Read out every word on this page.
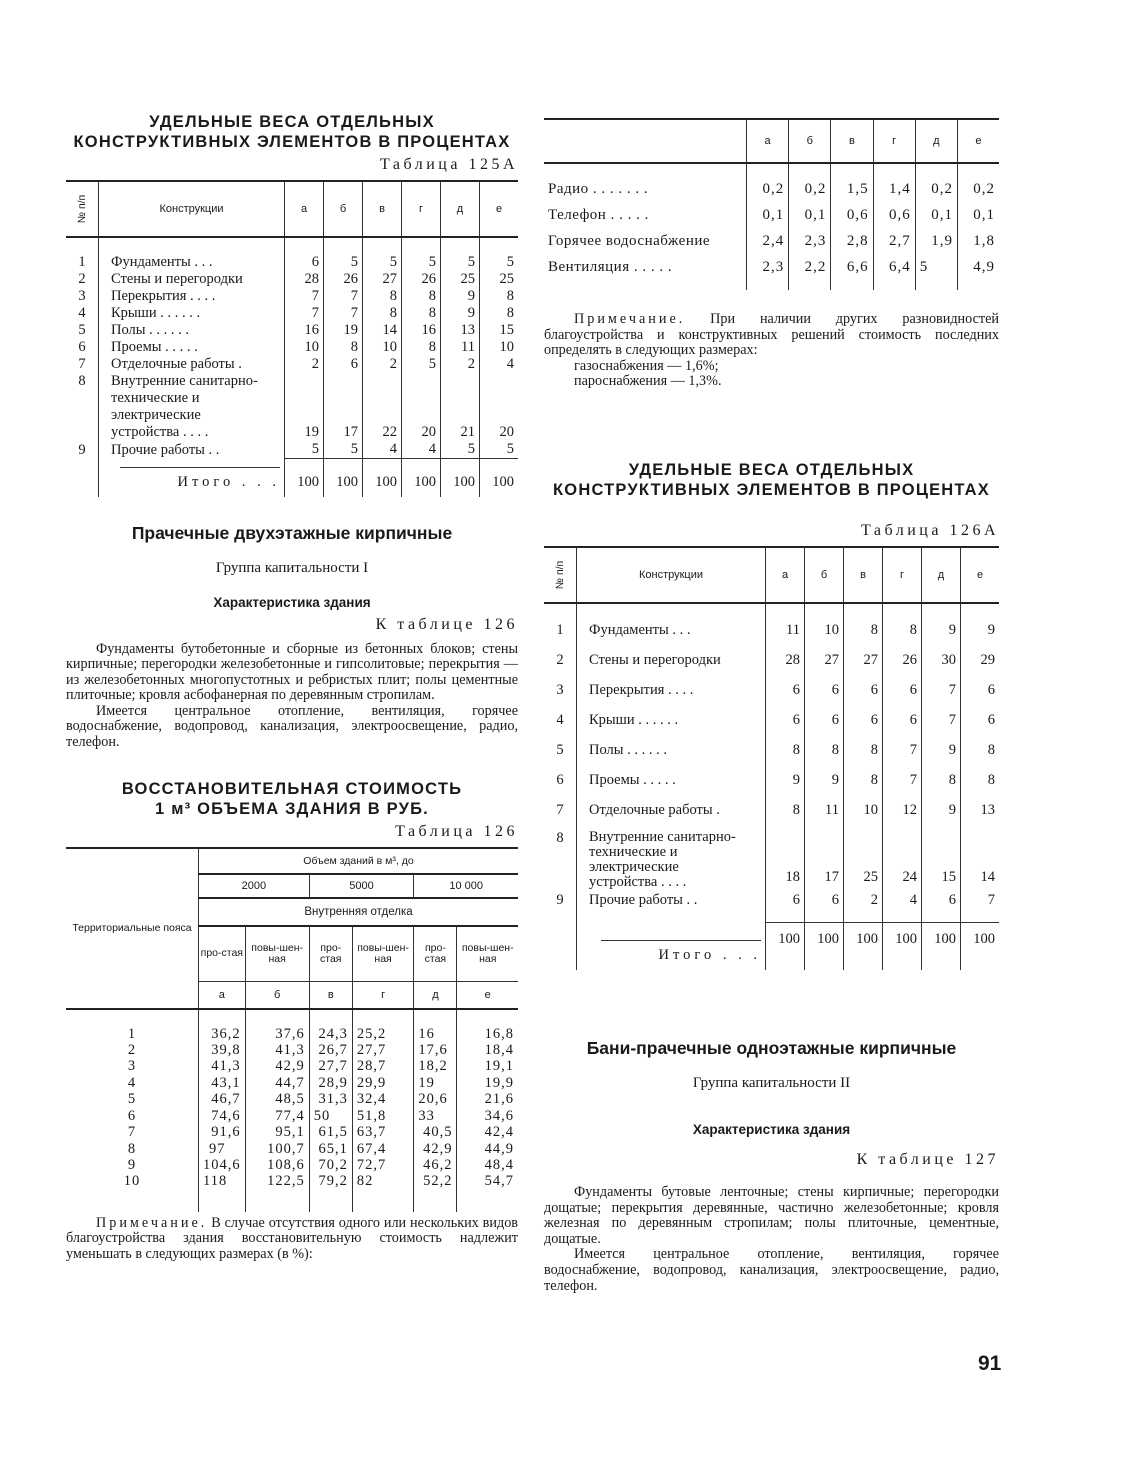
УДЕЛЬНЫЕ ВЕСА ОТДЕЛЬНЫХ

КОНСТРУКТИВНЫХ ЭЛЕМЕНТОВ В ПРОЦЕНТАХ

Таблица 125А
№ п/п	Конструкции	а	б	в	г	д	е
1	Фундаменты . . .	6	5	5	5	5	5
2	Стены и перегородки	28	26	27	26	25	25
3	Перекрытия . . . .	7	7	8	8	9	8
4	Крыши . . . . . .	7	7	8	8	9	8
5	Полы . . . . . .	16	19	14	16	13	15
6	Проемы . . . . .	10	8	10	8	11	10
7	Отделочные работы .	2	6	2	5	2	4
8	Внутренние санитарно-технические и электрические устройства . . . .	19	17	22	20	21	20
9	Прочие работы . .	5	5	4	4	5	5
	Итого . . .	100	100	100	100	100	100

Прачечные двухэтажные кирпичные

Группа капитальности I

Характеристика здания

К таблице 126

Фундаменты бутобетонные и сборные из бетонных блоков; стены кирпичные; перегородки железобетонные и гипсолитовые; перекрытия — из железобетонных многопустотных и ребристых плит; полы цементные плиточные; кровля асбофанерная по деревянным стропилам.

Имеется центральное отопление, вентиляция, горячее водоснабжение, водопровод, канализация, электроосвещение, радио, телефон.

ВОССТАНОВИТЕЛЬНАЯ СТОИМОСТЬ

1 м³ ОБЪЕМА ЗДАНИЯ В РУБ.

Таблица 126
Территориальные пояса	Объем зданий в м³, до					
	2000		5000		10 000	
	Внутренняя отделка					
	про-стая	повы-шен-ная	про-стая	повы-шен-ная	про-стая	повы-шен-ная
	а	б	в	г	д	е
1	36,2	37,6	24,3	25,2	16	16,8
2	39,8	41,3	26,7	27,7	17,6	18,4
3	41,3	42,9	27,7	28,7	18,2	19,1
4	43,1	44,7	28,9	29,9	19	19,9
5	46,7	48,5	31,3	32,4	20,6	21,6
6	74,6	77,4	50	51,8	33	34,6
7	91,6	95,1	61,5	63,7	40,5	42,4
8	97	100,7	65,1	67,4	42,9	44,9
9	104,6	108,6	70,2	72,7	46,2	48,4
10	118	122,5	79,2	82	52,2	54,7

Примечание. В случае отсутствия одного или нескольких видов благоустройства здания восстановительную стоимость надлежит уменьшать в следующих размерах (в %):

	а	б	в	г	д	е
Радио . . . . . . .	0,2	0,2	1,5	1,4	0,2	0,2
Телефон . . . . .	0,1	0,1	0,6	0,6	0,1	0,1
Горячее водоснабжение	2,4	2,3	2,8	2,7	1,9	1,8
Вентиляция . . . . .	2,3	2,2	6,6	6,4	5	4,9

Примечание. При наличии других разновидностей благоустройства и конструктивных решений стоимость последних определять в следующих размерах:

газоснабжения — 1,6%;

пароснабжения — 1,3%.

УДЕЛЬНЫЕ ВЕСА ОТДЕЛЬНЫХ

КОНСТРУКТИВНЫХ ЭЛЕМЕНТОВ В ПРОЦЕНТАХ

Таблица 126А
№ п/п	Конструкции	а	б	в	г	д	е
1	Фундаменты . . .	11	10	8	8	9	9
2	Стены и перегородки	28	27	27	26	30	29
3	Перекрытия . . . .	6	6	6	6	7	6
4	Крыши . . . . . .	6	6	6	6	7	6
5	Полы . . . . . .	8	8	8	7	9	8
6	Проемы . . . . .	9	9	8	7	8	8
7	Отделочные работы .	8	11	10	12	9	13
8	Внутренние санитарно-технические и электрические устройства . . . .	18	17	25	24	15	14
9	Прочие работы . .	6	6	2	4	6	7
	Итого . . .	100	100	100	100	100	100

Бани-прачечные одноэтажные кирпичные

Группа капитальности II

Характеристика здания

К таблице 127

Фундаменты бутовые ленточные; стены кирпичные; перегородки дощатые; перекрытия деревянные, частично железобетонные; кровля железная по деревянным стропилам; полы плиточные, цементные, дощатые.

Имеется центральное отопление, вентиляция, горячее водоснабжение, водопровод, канализация, электроосвещение, радио, телефон.

91
